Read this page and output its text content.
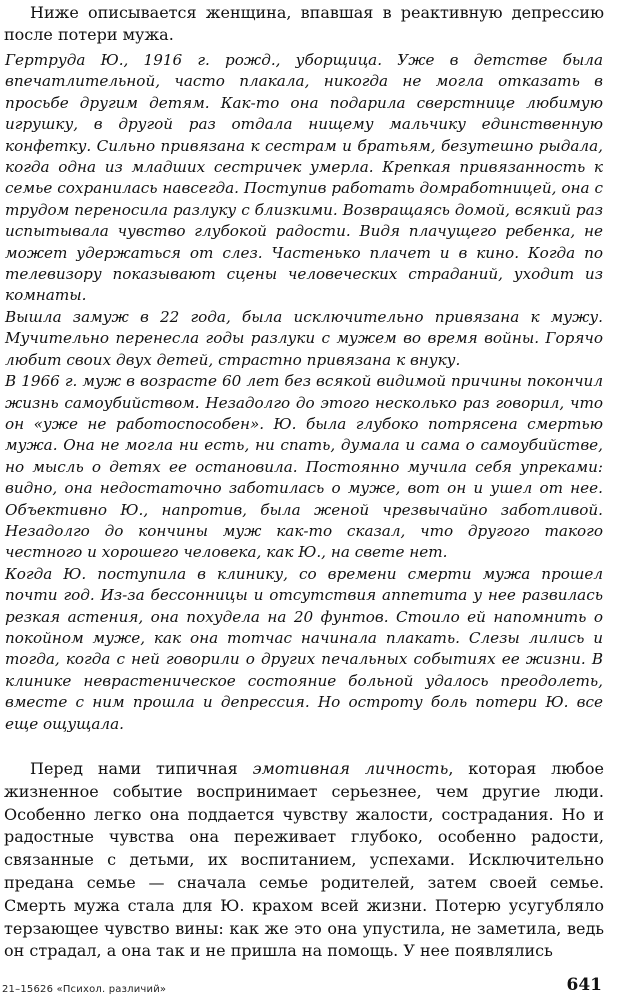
Ниже описывается женщина, впавшая в реактивную депрессию после потери мужа.

Гертруда Ю., 1916 г. рожд., уборщица. Уже в детстве была впечатлительной, часто плакала, никогда не могла отказать в просьбе другим детям. Как-то она подарила сверстнице любимую игрушку, в другой раз отдала нищему мальчику единственную конфетку. Сильно привязана к сестрам и братьям, безутешно рыдала, когда одна из младших сестричек умерла. Крепкая привязанность к семье сохранилась навсегда. Поступив работать домработницей, она с трудом переносила разлуку с близкими. Возвращаясь домой, всякий раз испытывала чувство глубокой радости. Видя плачущего ребенка, не может удержаться от слез. Частенько плачет и в кино. Когда по телевизору показывают сцены человеческих страданий, уходит из комнаты.

Вышла замуж в 22 года, была исключительно привязана к мужу. Мучительно перенесла годы разлуки с мужем во время войны. Горячо любит своих двух детей, страстно привязана к внуку.

В 1966 г. муж в возрасте 60 лет без всякой видимой причины покончил жизнь самоубийством. Незадолго до этого несколько раз говорил, что он «уже не работоспособен». Ю. была глубоко потрясена смертью мужа. Она не могла ни есть, ни спать, думала и сама о самоубийстве, но мысль о детях ее остановила. Постоянно мучила себя упреками: видно, она недостаточно заботилась о муже, вот он и ушел от нее. Объективно Ю., напротив, была женой чрезвычайно заботливой. Незадолго до кончины муж как-то сказал, что другого такого честного и хорошего человека, как Ю., на свете нет.

Когда Ю. поступила в клинику, со времени смерти мужа прошел почти год. Из-за бессонницы и отсутствия аппетита у нее развилась резкая астения, она похудела на 20 фунтов. Стоило ей напомнить о покойном муже, как она тотчас начинала плакать. Слезы лились и тогда, когда с ней говорили о других печальных событиях ее жизни. В клинике неврастеническое состояние больной удалось преодолеть, вместе с ним прошла и депрессия. Но остроту боль потери Ю. все еще ощущала.

Перед нами типичная эмотивная личность, которая любое жизненное событие воспринимает серьезнее, чем другие люди. Особенно легко она поддается чувству жалости, сострадания. Но и радостные чувства она переживает глубоко, особенно радости, связанные с детьми, их воспитанием, успехами. Исключительно предана семье — сначала семье родителей, затем своей семье. Смерть мужа стала для Ю. крахом всей жизни. Потерю усугубляло терзающее чувство вины: как же это она упустила, не заметила, ведь он страдал, а она так и не пришла на помощь. У нее появлялись

21–15626 «Психол. различий»	641
